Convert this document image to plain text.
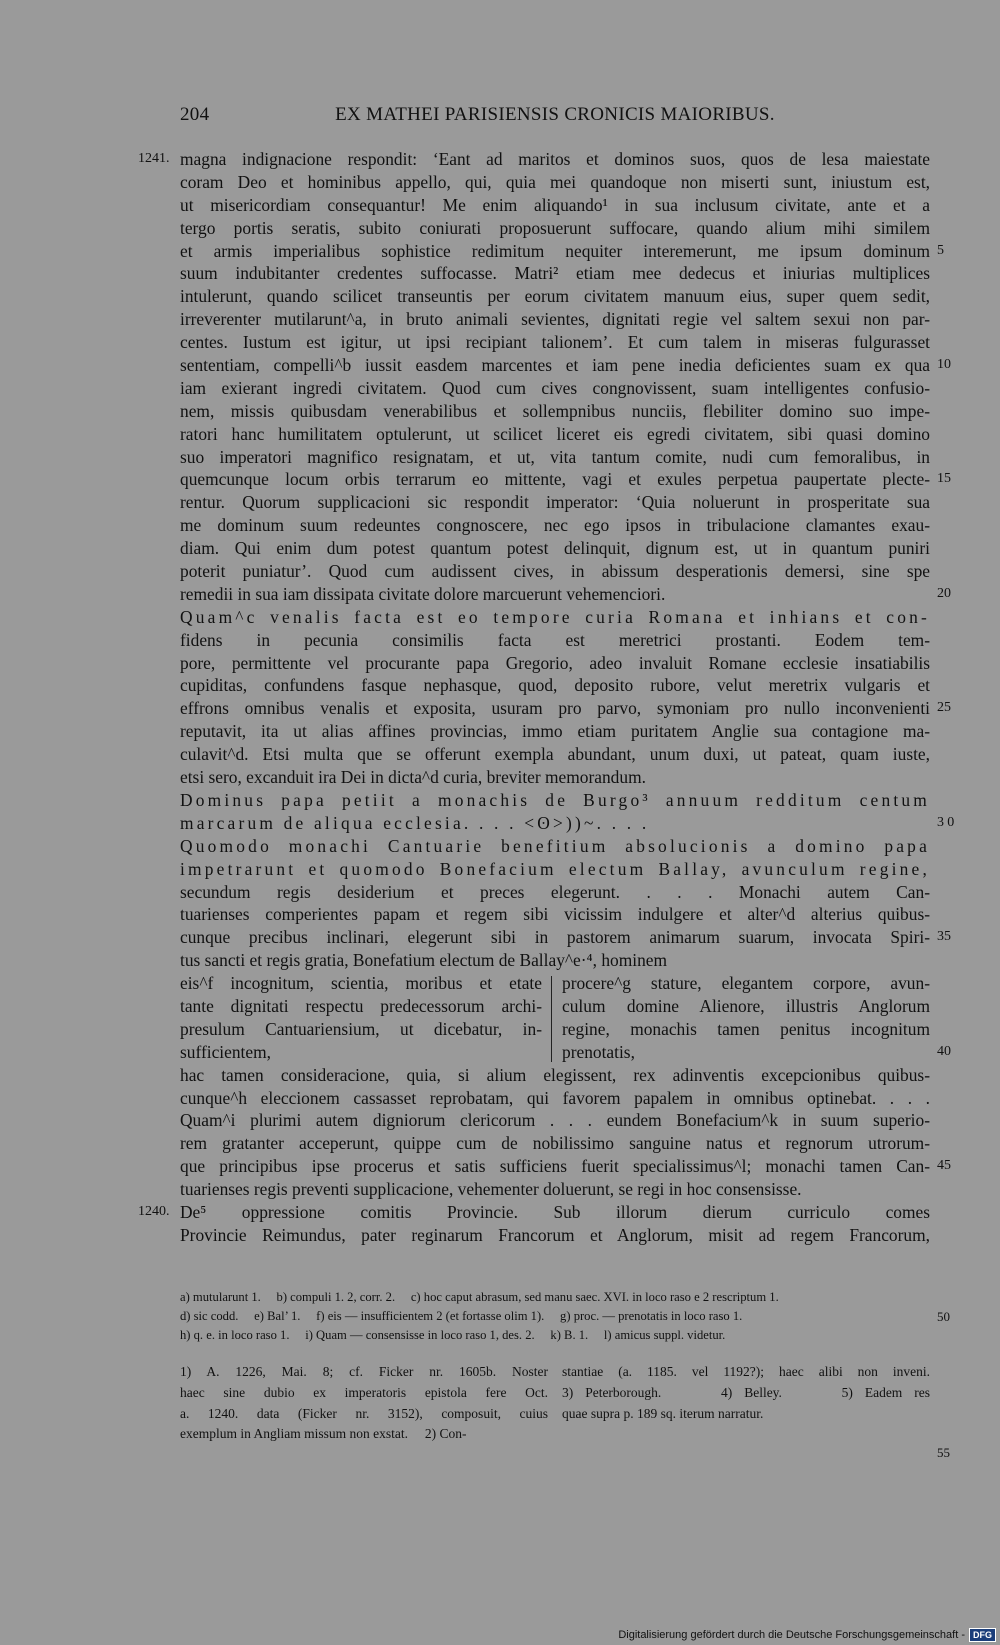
204	EX MATHEI PARISIENSIS CRONICIS MAIORIBUS.
magna indignacione respondit: ‘Eant ad maritos et dominos suos, quos de lesa maiestate
1241.
coram Deo et hominibus appello, qui, quia mei quandoque non miserti sunt, iniustum est,
ut misericordiam consequantur! Me enim aliquando¹ in sua inclusum civitate, ante et a
tergo portis seratis, subito coniurati proposuerunt suffocare, quando alium mihi similem
et armis imperialibus sophistice redimitum nequiter interemerunt, me ipsum dominum 5
suum indubitanter credentes suffocasse. Matri² etiam mee dedecus et iniurias multiplices
intulerunt, quando scilicet transeuntis per eorum civitatem manuum eius, super quem sedit,
irreverenter mutilarunt^a, in bruto animali sevientes, dignitati regie vel saltem sexui non par-
centes. Iustum est igitur, ut ipsi recipiant talionem’. Et cum talem in miseras fulgurasset
sententiam, compelli^b iussit easdem marcentes et iam pene inedia deficientes suam ex qua 10
iam exierant ingredi civitatem. Quod cum cives congnovissent, suam intelligentes confusio-
nem, missis quibusdam venerabilibus et sollempnibus nunciis, flebiliter domino suo impe-
ratori hanc humilitatem optulerunt, ut scilicet liceret eis egredi civitatem, sibi quasi domino
suo imperatori magnifico resignatam, et ut, vita tantum comite, nudi cum femoralibus, in
quemcunque locum orbis terrarum eo mittente, vagi et exules perpetua paupertate plecte- 15
rentur. Quorum supplicacioni sic respondit imperator: ‘Quia noluerunt in prosperitate sua
me dominum suum redeuntes congnoscere, nec ego ipsos in tribulacione clamantes exau-
diam. Qui enim dum potest quantum potest delinquit, dignum est, ut in quantum puniri
poterit puniatur’. Quod cum audissent cives, in abissum desperationis demersi, sine spe
remedii in sua iam dissipata civitate dolore marcuerunt vehemenciori.	20
Quam^c venalis facta est eo tempore curia Romana et inhians et con-
fidens in pecunia consimilis facta est meretrici prostanti. Eodem tem-
pore, permittente vel procurante papa Gregorio, adeo invaluit Romane ecclesie insatiabilis
cupiditas, confundens fasque nephasque, quod, deposito rubore, velut meretrix vulgaris et
effrons omnibus venalis et exposita, usuram pro parvo, symoniam pro nullo inconvenienti 25
reputavit, ita ut alias affines provincias, immo etiam puritatem Anglie sua contagione ma-
culavit^d. Etsi multa que se offerunt exempla abundant, unum duxi, ut pateat, quam iuste,
etsi sero, excanduit ira Dei in dicta^d curia, breviter memorandum.
Dominus papa petiit a monachis de Burgo³ annuum redditum centum
marcarum de aliqua ecclesia. . . . <ʘ>))~. . . .	30
Quomodo monachi Cantuarie benefitium absolucionis a domino papa
impetrarunt et quomodo Bonefacium electum Ballay, avunculum regine,
secundum regis desiderium et preces elegerunt. . . . Monachi autem Can-
tuarienses comperientes papam et regem sibi vicissim indulgere et alter^d alterius quibus-
cunque precibus inclinari, elegerunt sibi in pastorem animarum suarum, invocata Spiri- 35
tus sancti et regis gratia, Bonefatium electum de Ballay^e·⁴, hominem
eis^f incognitum, scientia, moribus et etate
tante dignitati respectu predecessorum archi-
presulum Cantuariensium, ut dicebatur, in-
sufficientem,
procere^g stature, elegantem corpore, avun-
culum domine Alienore, illustris Anglorum
regine, monachis tamen penitus incognitum
prenotatis,	40
hac tamen consideracione, quia, si alium elegissent, rex adinventis excepcionibus quibus-
cunque^h eleccionem cassasset reprobatam, qui favorem papalem in omnibus optinebat. . . .
Quam^i plurimi autem digniorum clericorum . . . eundem Bonefacium^k in suum superio-
rem gratanter acceperunt, quippe cum de nobilissimo sanguine natus et regnorum utrorum-
que principibus ipse procerus et satis sufficiens fuerit specialissimus^l; monachi tamen Can- 45
tuarienses regis preventi supplicacione, vehementer doluerunt, se regi in hoc consensisse.
De⁵ oppressione comitis Provincie. Sub illorum dierum curriculo comes
1240.
Provincie Reimundus, pater reginarum Francorum et Anglorum, misit ad regem Francorum,
a) mutularunt 1.     b) compuli 1. 2, corr. 2.     c) hoc caput abrasum, sed manu saec. XVI. in loco raso e 2 rescriptum 1.
d) sic codd.     e) Bal’ 1.     f) eis — insufficientem 2 (et fortasse olim 1).     g) proc. — prenotatis in loco raso 1.	50
h) q. e. in loco raso 1.     i) Quam — consensisse in loco raso 1, des. 2.     k) B. 1.     l) amicus suppl. videtur.
1) A. 1226, Mai. 8; cf. Ficker nr. 1605b. Noster
haec sine dubio ex imperatoris epistola fere Oct.
a. 1240. data (Ficker nr. 3152), composuit, cuius
exemplum in Angliam missum non exstat.     2) Con-
stantiae (a. 1185. vel 1192?); haec alibi non inveni.
3) Peterborough.     4) Belley.     5) Eadem res
quae supra p. 189 sq. iterum narratur.
55
Digitalisierung gefördert durch die Deutsche Forschungsgemeinschaft - DFG
